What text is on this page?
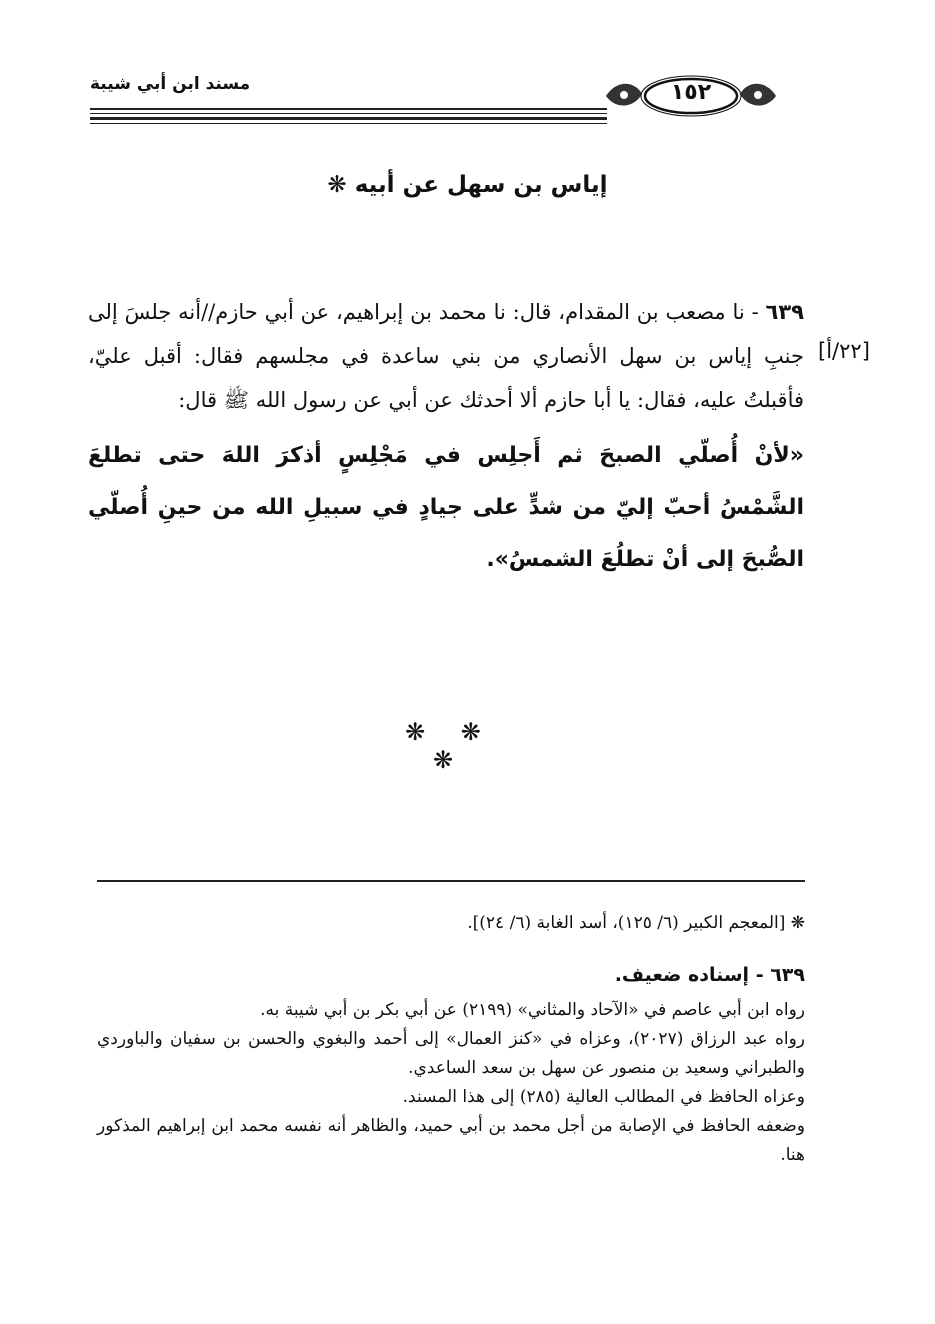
مسند ابن أبي شيبة	١٥٢
إياس بن سهل عن أبيه ❋
[٢٢/أ]

٦٣٩ - نا مصعب بن المقدام، قال: نا محمد بن إبراهيم، عن أبي حازم//أنه جلسَ إلى جنبِ إياس بن سهل الأنصاري من بني ساعدة في مجلسهم فقال: أقبل عليّ، فأقبلتُ عليه، فقال: يا أبا حازم ألا أحدثك عن أبي عن رسول الله ﷺ قال:

«لأنْ أُصلّي الصبحَ ثم أَجلِس في مَجْلِسٍ أذكرَ اللهَ حتى تطلعَ الشَّمْسُ أحبّ إليّ من شدٍّ على جيادٍ في سبيلِ الله من حينِ أُصلّي الصُّبحَ إلى أنْ تطلُعَ الشمسُ».

❋ ❋ ❋

❋ [المعجم الكبير (٦/ ١٢٥)، أسد الغابة (٦/ ٢٤)].

٦٣٩ - إسناده ضعيف.

رواه ابن أبي عاصم في «الآحاد والمثاني» (٢١٩٩) عن أبي بكر بن أبي شيبة به.

رواه عبد الرزاق (٢٠٢٧)، وعزاه في «كنز العمال» إلى أحمد والبغوي والحسن بن سفيان والباوردي والطبراني وسعيد بن منصور عن سهل بن سعد الساعدي.

وعزاه الحافظ في المطالب العالية (٢٨٥) إلى هذا المسند.

وضعفه الحافظ في الإصابة من أجل محمد بن أبي حميد، والظاهر أنه نفسه محمد ابن إبراهيم المذكور هنا.
